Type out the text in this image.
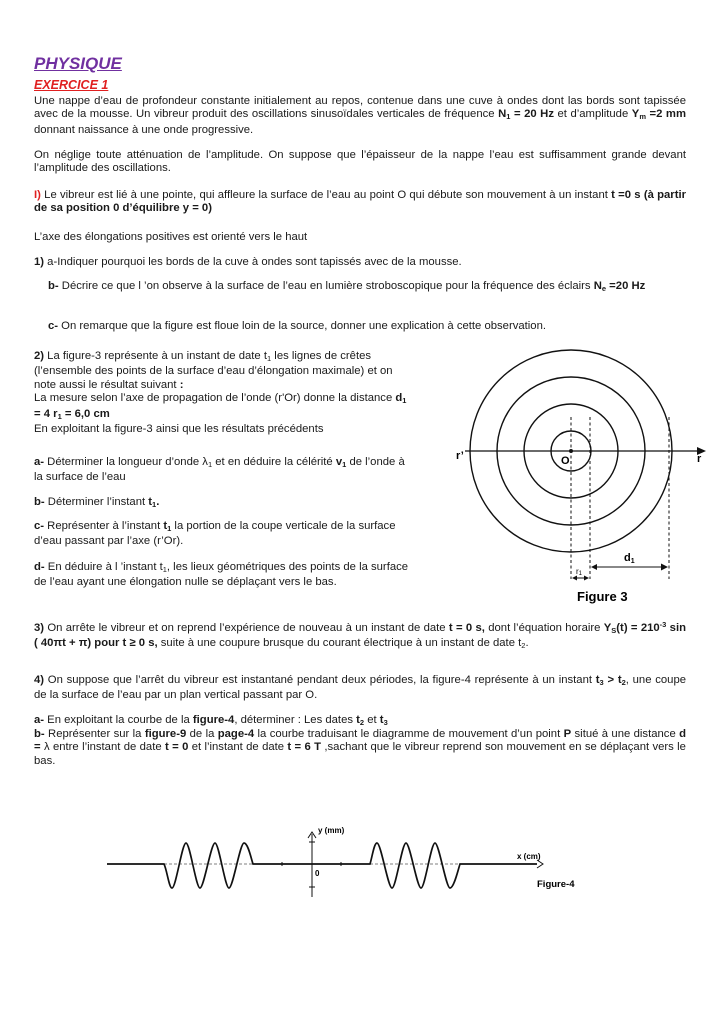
PHYSIQUE
EXERCICE 1
Une nappe d’eau de profondeur constante initialement au repos, contenue dans une cuve à ondes dont las bords sont tapissée avec de la mousse. Un vibreur produit des oscillations sinusoïdales verticales de fréquence $N_1 = 20$ Hz et d’amplitude $Y_m =2$ mm donnant naissance à une onde progressive.
On néglige toute atténuation de l’amplitude. On suppose que l’épaisseur de la nappe l’eau est suffisamment grande devant l’amplitude des oscillations.
I) Le vibreur est lié à une pointe, qui affleure la surface de l’eau au point O qui débute son mouvement à un instant t =0 s (à partir de sa position 0 d’équilibre y = 0)
L’axe des élongations positives est orienté vers le haut
1) a-Indiquer pourquoi les bords de la cuve à ondes sont tapissés avec de la mousse.
b- Décrire ce que l ’on observe à la surface de l’eau en lumière stroboscopique pour la fréquence des éclairs $N_e =20$ Hz
c- On remarque que la figure est floue loin de la source, donner une explication à cette observation.
2) La figure-3 représente à un instant de date $t_1$ les lignes de crêtes (l’ensemble des points de la surface d’eau d’élongation maximale) et on note aussi le résultat suivant :
La mesure selon l’axe de propagation de l’onde (r'Or) donne la distance $d_1 = 4$ $r_1 = 6,0$ cm
En exploitant la figure-3 ainsi que les résultats précédents
a- Déterminer la longueur d’onde $\lambda_1$ et en déduire la célérité $v_1$ de l’onde à la surface de l’eau
b- Déterminer l’instant $t_1$.
c- Représenter à l’instant $t_1$ la portion de la coupe verticale de la surface d’eau passant par l’axe (r’Or).
d- En déduire à l ’instant $t_1$, les lieux géométriques des points de la surface de l’eau ayant une élongation nulle se déplaçant vers le bas.
r’	r
O
d1
r1
Figure 3
3) On arrête le vibreur et on reprend l’expérience de nouveau à un instant de date t = 0 s, dont l’équation horaire $Y_S(t) = 210^{-3}$ sin ( 40πt + π) pour t ≥ 0 s, suite à une coupure brusque du courant électrique à un instant de date $t_2$.
4) On suppose que l’arrêt du vibreur est instantané pendant deux périodes, la figure-4 représente à un instant $t_3 > t_2$, une coupe de la surface de l’eau par un plan vertical passant par O.
a- En exploitant la courbe de la figure-4, déterminer : Les dates $t_2$ et $t_3$
b- Représenter sur la figure-9 de la page-4 la courbe traduisant le diagramme de mouvement d’un point P situé à une distance d = λ entre l’instant de date t = 0 et l’instant de date t = 6 T ,sachant que le vibreur reprend son mouvement en se déplaçant vers le bas.
y (mm)
0
x (cm)
Figure-4
